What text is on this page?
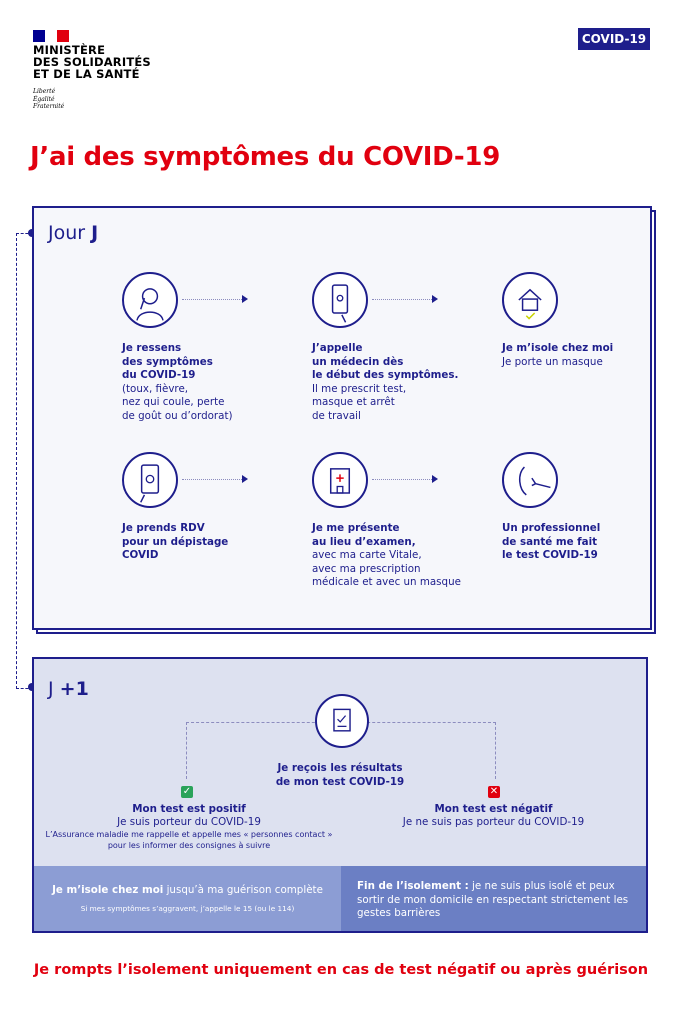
MINISTÈRE
DES SOLIDARITÉS
ET DE LA SANTÉ
Liberté
Égalité
Fraternité
COVID-19
J’ai des symptômes du COVID-19
Jour J
Je ressens
des symptômes
du COVID-19
(toux, fièvre,
nez qui coule, perte
de goût ou d’ordorat)
J’appelle
un médecin dès
le début des symptômes.
Il me prescrit test,
masque et arrêt
de travail
Je m’isole chez moi
Je porte un masque
Je prends RDV
pour un dépistage
COVID
Je me présente
au lieu d’examen,
avec ma carte Vitale,
avec ma prescription
médicale et avec un masque
Un professionnel
de santé me fait
le test COVID-19
J +1
Je reçois les résultats
de mon test COVID-19
✓
Mon test est positif
Je suis porteur du COVID-19
L’Assurance maladie me rappelle et appelle mes « personnes contact »
pour les informer des consignes à suivre
✕
Mon test est négatif
Je ne suis pas porteur du COVID-19
Je m’isole chez moi jusqu’à ma guérison complète
Si mes symptômes s’aggravent, j’appelle le 15 (ou le 114)
Fin de l’isolement : je ne suis plus isolé et peux sortir de mon domicile en respectant strictement les gestes barrières
Je rompts l’isolement uniquement en cas de test négatif ou après guérison
